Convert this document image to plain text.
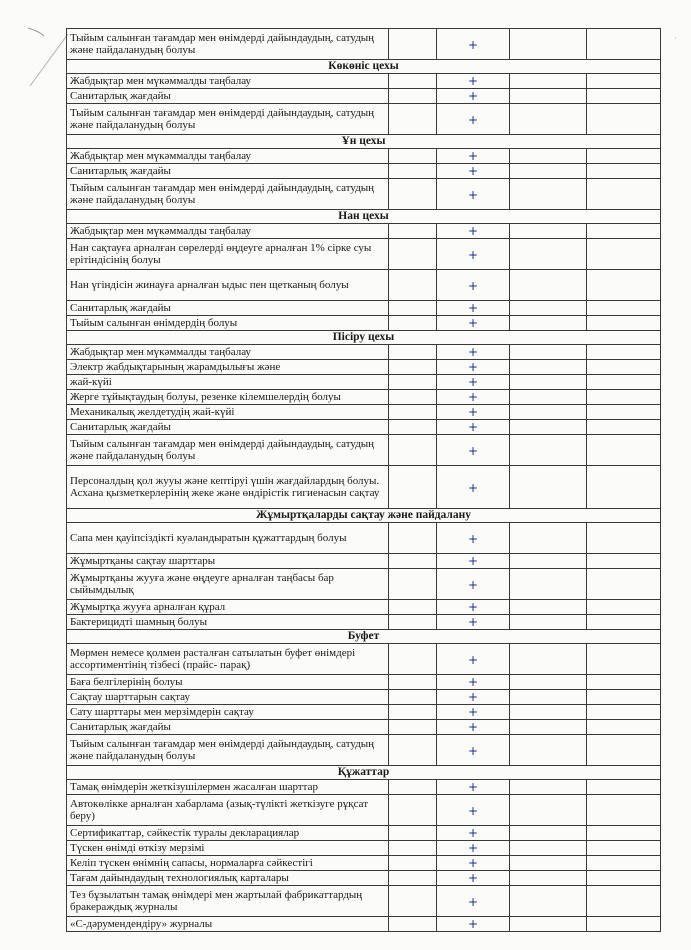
·
Тыйым салынған тағамдар мен өнімдерді дайындаудың, сатудың және пайдаланудың болуы		+		
Көкөніс цехы				
Жабдықтар мен мүкәммалды таңбалау		+		
Санитарлық жағдайы		+		
Тыйым салынған тағамдар мен өнімдерді дайындаудың, сатудың және пайдаланудың болуы		+		
Ұн цехы				
Жабдықтар мен мүкәммалды таңбалау		+		
Санитарлық жағдайы		+		
Тыйым салынған тағамдар мен өнімдерді дайындаудың, сатудың және пайдаланудың болуы		+		
Нан цехы				
Жабдықтар мен мүкәммалды таңбалау		+		
Нан сақтауға арналған сөрелерді өңдеуге арналған 1% сірке суы ерітіндісінің болуы		+		
Нан үгіндісін жинауға арналған ыдыс пен щетканың болуы		+		
Санитарлық жағдайы		+		
Тыйым салынған өнімдердің болуы		+		
Пісіру цехы				
Жабдықтар мен мүкәммалды таңбалау		+		
Электр жабдықтарының жарамдылығы және		+		
жай-күйі		+		
Жерге тұйықтаудың болуы, резенке кілемшелердің болуы		+		
Механикалық желдетудің жай-күйі		+		
Санитарлық жағдайы		+		
Тыйым салынған тағамдар мен өнімдерді дайындаудың, сатудың және пайдаланудың болуы		+		
Персоналдың қол жууы және кептіруі үшін жағдайлардың болуы. Асхана қызметкерлерінің жеке және өндірістік гигиенасын сақтау		+		
Жұмыртқаларды сақтау және пайдалану				
Сапа мен қауіпсіздікті куәландыратын құжаттардың болуы		+		
Жұмыртқаны сақтау шарттары		+		
Жұмыртқаны жууға және өңдеуге арналған таңбасы бар сыйымдылық		+		
Жұмыртқа жууға арналған құрал		+		
Бактерицидті шамның болуы		+		
Буфет				
Мөрмен немесе қолмен расталған сатылатын буфет өнімдері ассортиментінің тізбесі (прайс- парақ)		+		
Баға белгілерінің болуы		+		
Сақтау шарттарын сақтау		+		
Сату шарттары мен мерзімдерін сақтау		+		
Санитарлық жағдайы		+		
Тыйым салынған тағамдар мен өнімдерді дайындаудың, сатудың және пайдаланудың болуы		+		
Құжаттар				
Тамақ өнімдерін жеткізушілермен жасалған шарттар		+		
Автокөлікке арналған хабарлама (азық-түлікті жеткізуге рұқсат беру)		+		
Сертификаттар, сәйкестік туралы декларациялар		+		
Түскен өнімді өткізу мерзімі		+		
Келіп түскен өнімнің сапасы, нормаларға сәйкестігі		+		
Тағам дайындаудың технологиялық карталары		+		
Тез бұзылатын тамақ өнімдері мен жартылай фабрикаттардың бракераждық журналы		+		
«С-дәрумендендіру» журналы		+		
